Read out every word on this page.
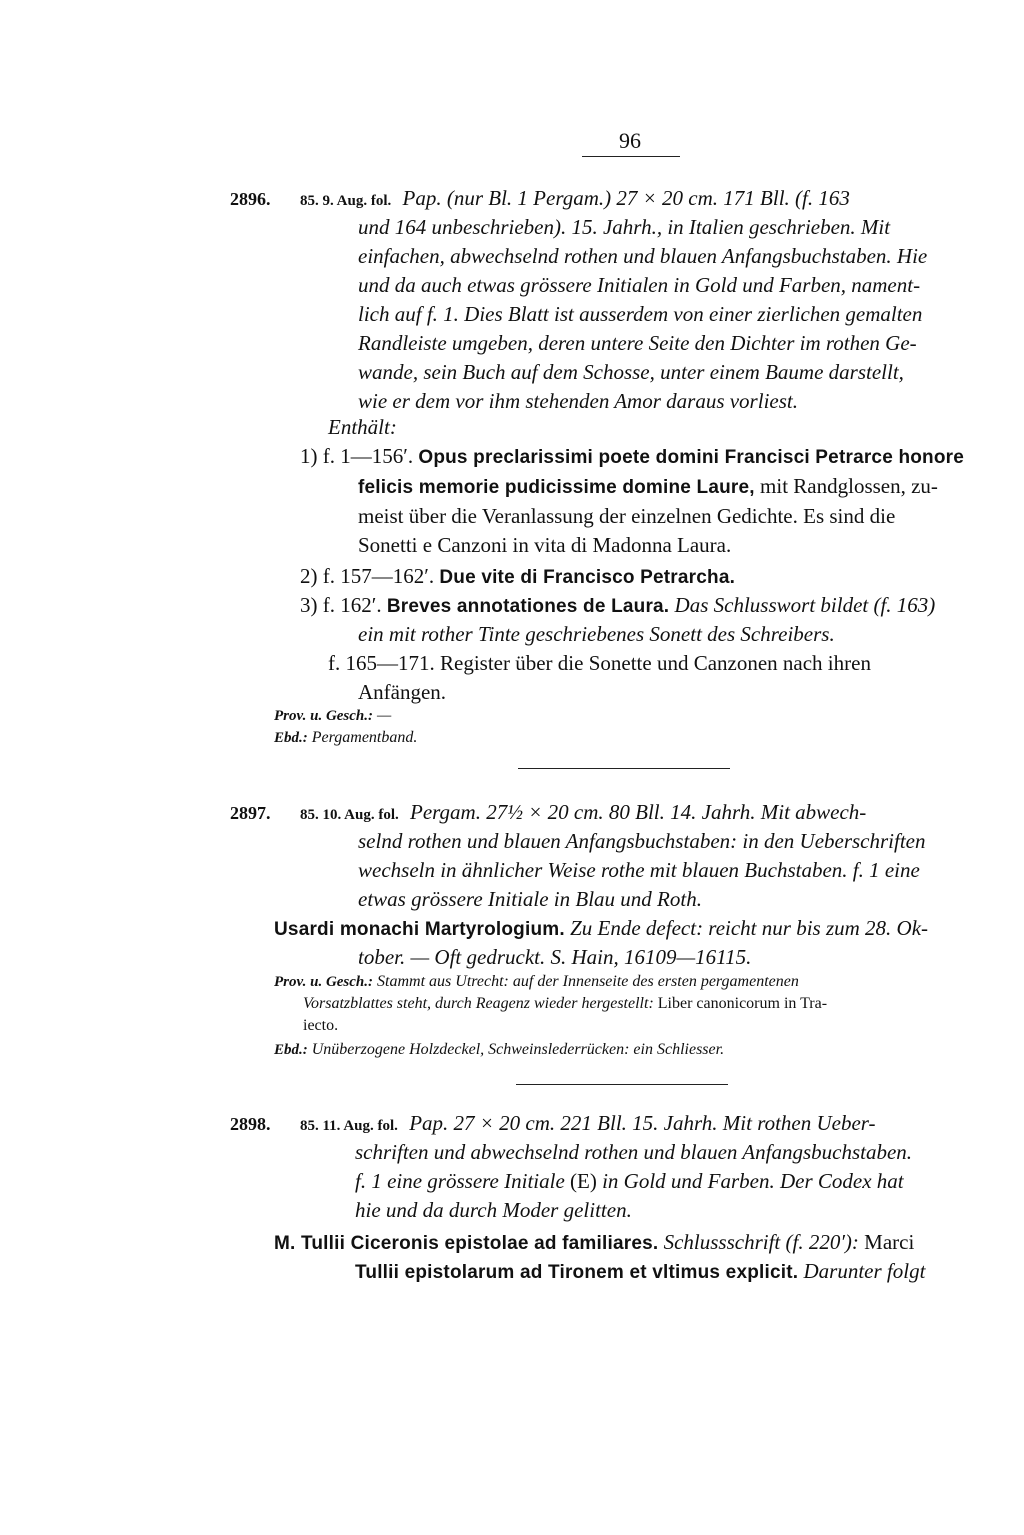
96
2896. 85. 9. Aug. fol. Pap. (nur Bl. 1 Pergam.) 27 × 20 cm. 171 Bll. (f. 163
und 164 unbeschrieben). 15. Jahrh., in Italien geschrieben. Mit
einfachen, abwechselnd rothen und blauen Anfangsbuchstaben. Hie
und da auch etwas grössere Initialen in Gold und Farben, nament-
lich auf f. 1. Dies Blatt ist ausserdem von einer zierlichen gemalten
Randleiste umgeben, deren untere Seite den Dichter im rothen Ge-
wande, sein Buch auf dem Schosse, unter einem Baume darstellt,
wie er dem vor ihm stehenden Amor daraus vorliest.
Enthält:
1) f. 1—156′. Opus preclarissimi poete domini Francisci Petrarce honore
felicis memorie pudicissime domine Laure, mit Randglossen, zu-
meist über die Veranlassung der einzelnen Gedichte. Es sind die
Sonetti e Canzoni in vita di Madonna Laura.
2) f. 157—162′. Due vite di Francisco Petrarcha.
3) f. 162′. Breves annotationes de Laura. Das Schlusswort bildet (f. 163)
ein mit rother Tinte geschriebenes Sonett des Schreibers.
f. 165—171. Register über die Sonette und Canzonen nach ihren
Anfängen.
Prov. u. Gesch.: —
Ebd.: Pergamentband.
2897. 85. 10. Aug. fol. Pergam. 27½ × 20 cm. 80 Bll. 14. Jahrh. Mit abwech-
selnd rothen und blauen Anfangsbuchstaben: in den Ueberschriften
wechseln in ähnlicher Weise rothe mit blauen Buchstaben. f. 1 eine
etwas grössere Initiale in Blau und Roth.
Usardi monachi Martyrologium. Zu Ende defect: reicht nur bis zum 28. Ok-
tober. — Oft gedruckt. S. Hain, 16109—16115.
Prov. u. Gesch.: Stammt aus Utrecht: auf der Innenseite des ersten pergamentenen
Vorsatzblattes steht, durch Reagenz wieder hergestellt: Liber canonicorum in Tra-
iecto.
Ebd.: Unüberzogene Holzdeckel, Schweinslederrücken: ein Schliesser.
2898. 85. 11. Aug. fol. Pap. 27 × 20 cm. 221 Bll. 15. Jahrh. Mit rothen Ueber-
schriften und abwechselnd rothen und blauen Anfangsbuchstaben.
f. 1 eine grössere Initiale (E) in Gold und Farben. Der Codex hat
hie und da durch Moder gelitten.
M. Tullii Ciceronis epistolae ad familiares. Schlussschrift (f. 220′): Marci
Tullii epistolarum ad Tironem et vltimus explicit. Darunter folgt
